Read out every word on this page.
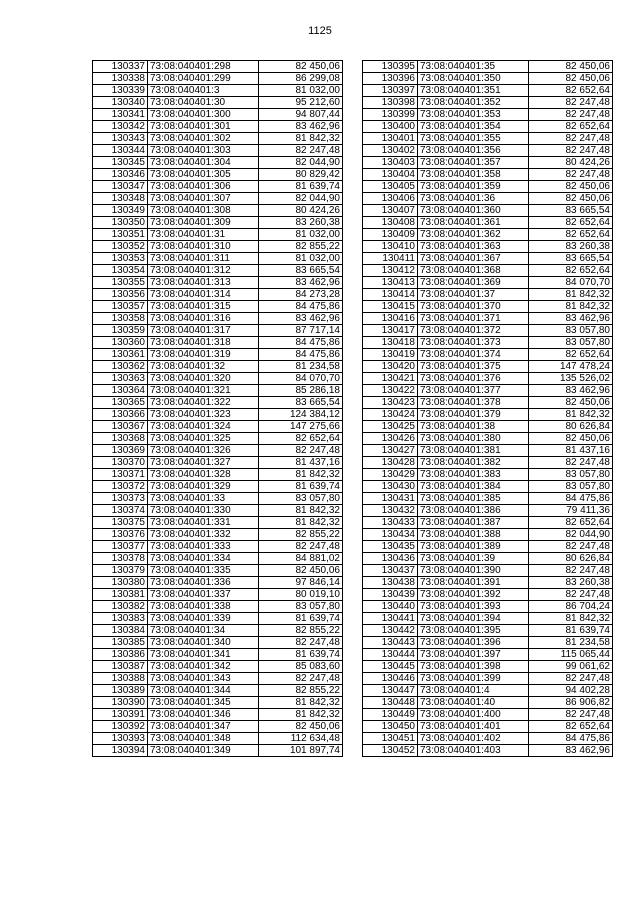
1125
130337	73:08:040401:298	82 450,06
130338	73:08:040401:299	86 299,08
130339	73:08:040401:3	81 032,00
130340	73:08:040401:30	95 212,60
130341	73:08:040401:300	94 807,44
130342	73:08:040401:301	83 462,96
130343	73:08:040401:302	81 842,32
130344	73:08:040401:303	82 247,48
130345	73:08:040401:304	82 044,90
130346	73:08:040401:305	80 829,42
130347	73:08:040401:306	81 639,74
130348	73:08:040401:307	82 044,90
130349	73:08:040401:308	80 424,26
130350	73:08:040401:309	83 260,38
130351	73:08:040401:31	81 032,00
130352	73:08:040401:310	82 855,22
130353	73:08:040401:311	81 032,00
130354	73:08:040401:312	83 665,54
130355	73:08:040401:313	83 462,96
130356	73:08:040401:314	84 273,28
130357	73:08:040401:315	84 475,86
130358	73:08:040401:316	83 462,96
130359	73:08:040401:317	87 717,14
130360	73:08:040401:318	84 475,86
130361	73:08:040401:319	84 475,86
130362	73:08:040401:32	81 234,58
130363	73:08:040401:320	84 070,70
130364	73:08:040401:321	85 286,18
130365	73:08:040401:322	83 665,54
130366	73:08:040401:323	124 384,12
130367	73:08:040401:324	147 275,66
130368	73:08:040401:325	82 652,64
130369	73:08:040401:326	82 247,48
130370	73:08:040401:327	81 437,16
130371	73:08:040401:328	81 842,32
130372	73:08:040401:329	81 639,74
130373	73:08:040401:33	83 057,80
130374	73:08:040401:330	81 842,32
130375	73:08:040401:331	81 842,32
130376	73:08:040401:332	82 855,22
130377	73:08:040401:333	82 247,48
130378	73:08:040401:334	84 881,02
130379	73:08:040401:335	82 450,06
130380	73:08:040401:336	97 846,14
130381	73:08:040401:337	80 019,10
130382	73:08:040401:338	83 057,80
130383	73:08:040401:339	81 639,74
130384	73:08:040401:34	82 855,22
130385	73:08:040401:340	82 247,48
130386	73:08:040401:341	81 639,74
130387	73:08:040401:342	85 083,60
130388	73:08:040401:343	82 247,48
130389	73:08:040401:344	82 855,22
130390	73:08:040401:345	81 842,32
130391	73:08:040401:346	81 842,32
130392	73:08:040401:347	82 450,06
130393	73:08:040401:348	112 634,48
130394	73:08:040401:349	101 897,74
130395	73:08:040401:35	82 450,06
130396	73:08:040401:350	82 450,06
130397	73:08:040401:351	82 652,64
130398	73:08:040401:352	82 247,48
130399	73:08:040401:353	82 247,48
130400	73:08:040401:354	82 652,64
130401	73:08:040401:355	82 247,48
130402	73:08:040401:356	82 247,48
130403	73:08:040401:357	80 424,26
130404	73:08:040401:358	82 247,48
130405	73:08:040401:359	82 450,06
130406	73:08:040401:36	82 450,06
130407	73:08:040401:360	83 665,54
130408	73:08:040401:361	82 652,64
130409	73:08:040401:362	82 652,64
130410	73:08:040401:363	83 260,38
130411	73:08:040401:367	83 665,54
130412	73:08:040401:368	82 652,64
130413	73:08:040401:369	84 070,70
130414	73:08:040401:37	81 842,32
130415	73:08:040401:370	81 842,32
130416	73:08:040401:371	83 462,96
130417	73:08:040401:372	83 057,80
130418	73:08:040401:373	83 057,80
130419	73:08:040401:374	82 652,64
130420	73:08:040401:375	147 478,24
130421	73:08:040401:376	135 526,02
130422	73:08:040401:377	83 462,96
130423	73:08:040401:378	82 450,06
130424	73:08:040401:379	81 842,32
130425	73:08:040401:38	80 626,84
130426	73:08:040401:380	82 450,06
130427	73:08:040401:381	81 437,16
130428	73:08:040401:382	82 247,48
130429	73:08:040401:383	83 057,80
130430	73:08:040401:384	83 057,80
130431	73:08:040401:385	84 475,86
130432	73:08:040401:386	79 411,36
130433	73:08:040401:387	82 652,64
130434	73:08:040401:388	82 044,90
130435	73:08:040401:389	82 247,48
130436	73:08:040401:39	80 626,84
130437	73:08:040401:390	82 247,48
130438	73:08:040401:391	83 260,38
130439	73:08:040401:392	82 247,48
130440	73:08:040401:393	86 704,24
130441	73:08:040401:394	81 842,32
130442	73:08:040401:395	81 639,74
130443	73:08:040401:396	81 234,58
130444	73:08:040401:397	115 065,44
130445	73:08:040401:398	99 061,62
130446	73:08:040401:399	82 247,48
130447	73:08:040401:4	94 402,28
130448	73:08:040401:40	86 906,82
130449	73:08:040401:400	82 247,48
130450	73:08:040401:401	82 652,64
130451	73:08:040401:402	84 475,86
130452	73:08:040401:403	83 462,96
